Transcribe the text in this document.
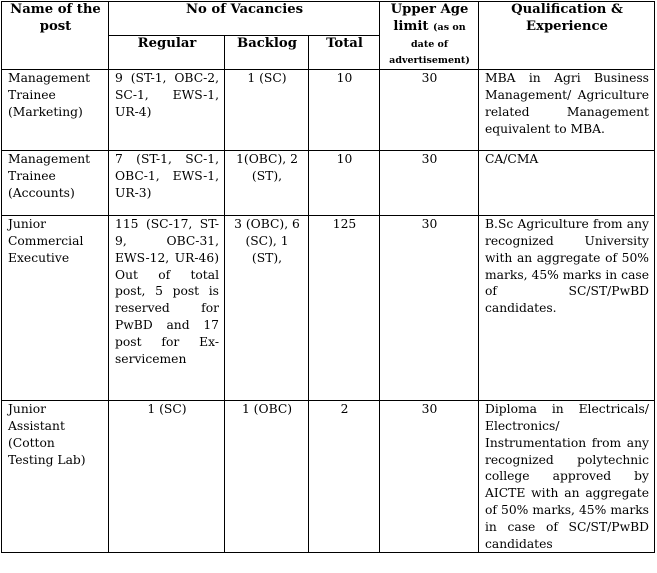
Name of the post	No of Vacancies			Upper Age limit (as on date of advertisement)	Qualification & Experience
	Regular	Backlog	Total		
Management Trainee (Marketing)	9 (ST-1, OBC-2, SC-1, EWS-1, UR-4)	1 (SC)	10	30	MBA in Agri Business Management/ Agriculture related Management equivalent to MBA.
Management Trainee (Accounts)	7 (ST-1, SC-1, OBC-1, EWS-1, UR-3)	1(OBC), 2 (ST),	10	30	CA/CMA
Junior Commercial Executive	115 (SC-17, ST-9, OBC-31, EWS-12, UR-46) Out of total post, 5 post is reserved for PwBD and 17 post for Ex-servicemen	3 (OBC), 6 (SC), 1 (ST),	125	30	B.Sc Agriculture from any recognized University with an aggregate of 50% marks, 45% marks in case of SC/ST/PwBD candidates.
Junior Assistant (Cotton Testing Lab)	1 (SC)	1 (OBC)	2	30	Diploma in Electricals/ Electronics/ Instrumentation from any recognized polytechnic college approved by AICTE with an aggregate of 50% marks, 45% marks in case of SC/ST/PwBD candidates
